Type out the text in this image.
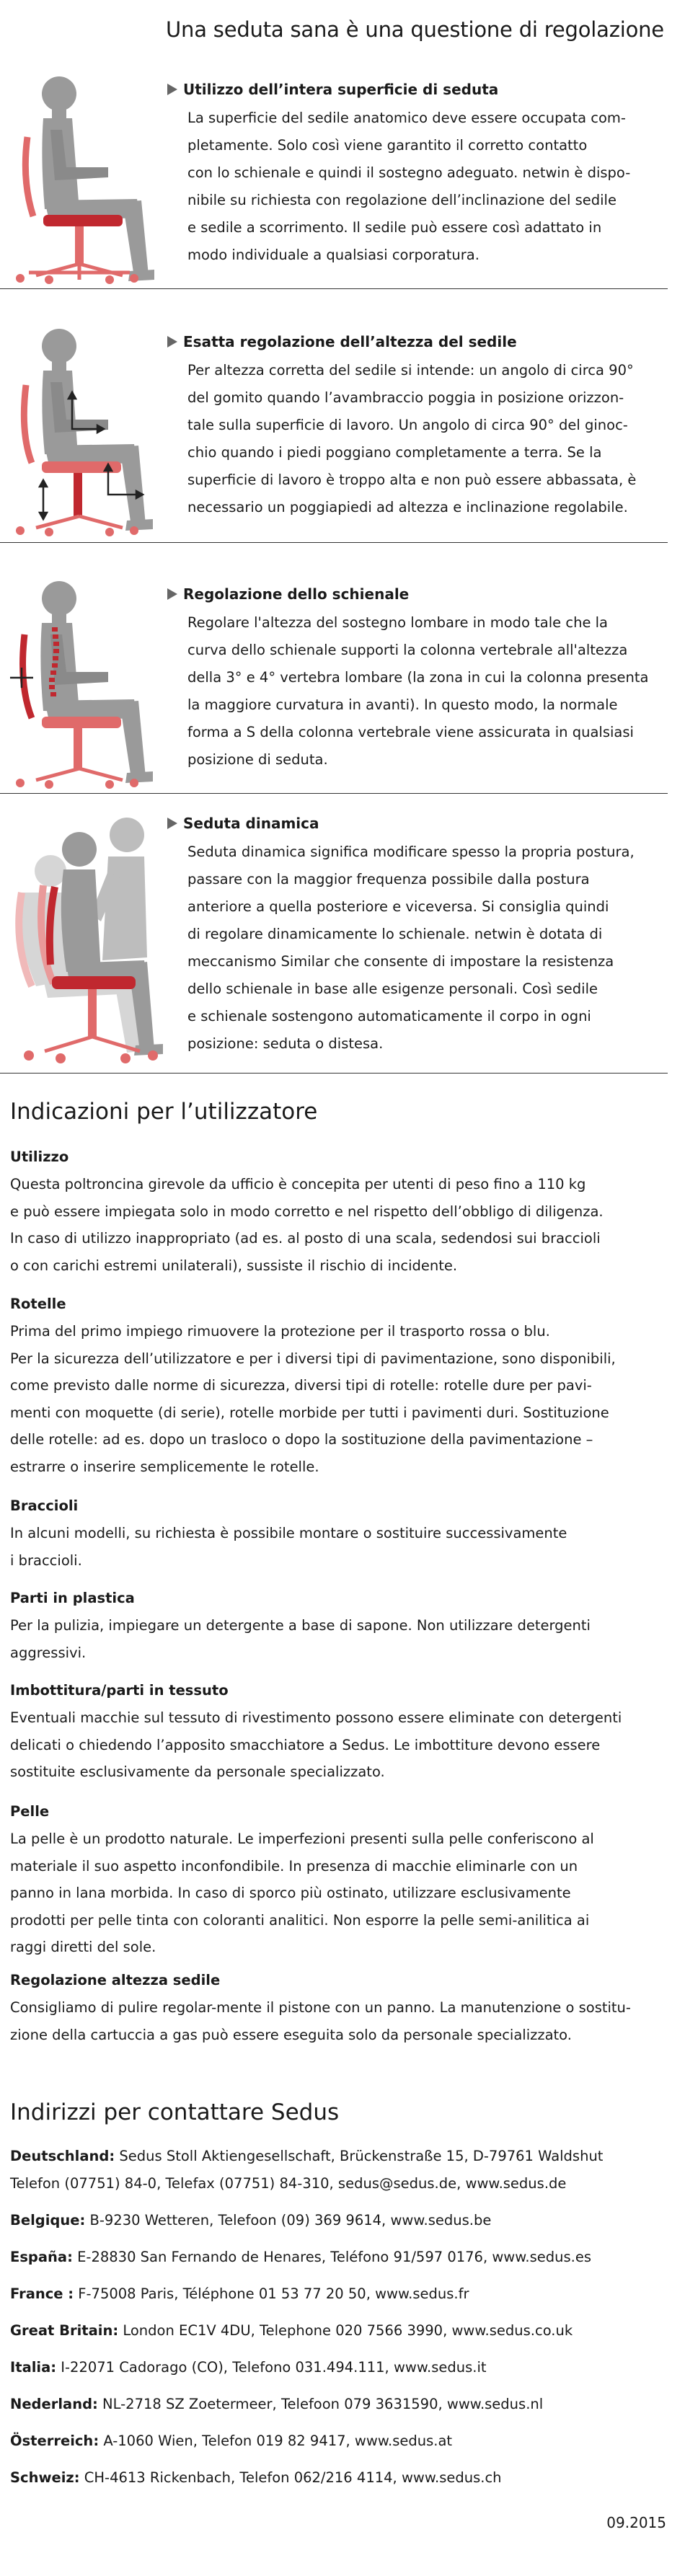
Una seduta sana è una questione di regolazione
Utilizzo dell’intera superficie di seduta
La superficie del sedile anatomico deve essere occupata com-
pletamente. Solo così viene garantito il corretto contatto
con lo schienale e quindi il sostegno adeguato. netwin è dispo-
nibile su richiesta con regolazione dell’inclinazione del sedile
e sedile a scorrimento. Il sedile può essere così adattato in
modo individuale a qualsiasi corporatura.
Esatta regolazione dell’altezza del sedile
Per altezza corretta del sedile si intende: un angolo di circa 90°
del gomito quando l’avambraccio poggia in posizione orizzon-
tale sulla superficie di lavoro. Un angolo di circa 90° del ginoc-
chio quando i piedi poggiano completamente a terra. Se la
superficie di lavoro è troppo alta e non può essere abbassata, è
necessario un poggiapiedi ad altezza e inclinazione regolabile.
Regolazione dello schienale
Regolare l'altezza del sostegno lombare in modo tale che la
curva dello schienale supporti la colonna vertebrale all'altezza
della 3° e 4° vertebra lombare (la zona in cui la colonna presenta
la maggiore curvatura in avanti). In questo modo, la normale
forma a S della colonna vertebrale viene assicurata in qualsiasi
posizione di seduta.
Seduta dinamica
Seduta dinamica significa modificare spesso la propria postura,
passare con la maggior frequenza possibile dalla postura
anteriore a quella posteriore e viceversa. Si consiglia quindi
di regolare dinamicamente lo schienale. netwin è dotata di
meccanismo Similar che consente di impostare la resistenza
dello schienale in base alle esigenze personali. Così sedile
e schienale sostengono automaticamente il corpo in ogni
posizione: seduta o distesa.
Indicazioni per l’utilizzatore
Utilizzo
Questa poltroncina girevole da ufficio è concepita per utenti di peso fino a 110 kg
e può essere impiegata solo in modo corretto e nel rispetto dell’obbligo di diligenza.
In caso di utilizzo inappropriato (ad es. al posto di una scala, sedendosi sui braccioli
o con carichi estremi unilaterali), sussiste il rischio di incidente.
Rotelle
Prima del primo impiego rimuovere la protezione per il trasporto rossa o blu.
Per la sicurezza dell’utilizzatore e per i diversi tipi di pavimentazione, sono disponibili,
come previsto dalle norme di sicurezza, diversi tipi di rotelle: rotelle dure per pavi-
menti con moquette (di serie), rotelle morbide per tutti i pavimenti duri. Sostituzione
delle rotelle: ad es. dopo un trasloco o dopo la sostituzione della pavimentazione –
estrarre o inserire semplicemente le rotelle.
Braccioli
In alcuni modelli, su richiesta è possibile montare o sostituire successivamente
i braccioli.
Parti in plastica
Per la pulizia, impiegare un detergente a base di sapone. Non utilizzare detergenti
aggressivi.
Imbottitura/parti in tessuto
Eventuali macchie sul tessuto di rivestimento possono essere eliminate con detergenti
delicati o chiedendo l’apposito smacchiatore a Sedus. Le imbottiture devono essere
sostituite esclusivamente da personale specializzato.
Pelle
La pelle è un prodotto naturale. Le imperfezioni presenti sulla pelle conferiscono al
materiale il suo aspetto inconfondibile. In presenza di macchie eliminarle con un
panno in lana morbida. In caso di sporco più ostinato, utilizzare esclusivamente
prodotti per pelle tinta con coloranti analitici. Non esporre la pelle semi-anilitica ai
raggi diretti del sole.
Regolazione altezza sedile
Consigliamo di pulire regolar-mente il pistone con un panno. La manutenzione o sostitu-
zione della cartuccia a gas può essere eseguita solo da personale specializzato.
Indirizzi per contattare Sedus
Deutschland: Sedus Stoll Aktiengesellschaft, Brückenstraße 15, D-79761 Waldshut
Telefon (07751) 84-0, Telefax (07751) 84-310, sedus@sedus.de, www.sedus.de
Belgique: B-9230 Wetteren, Telefoon (09) 369 9614, www.sedus.be
España: E-28830 San Fernando de Henares, Teléfono 91/597 0176, www.sedus.es
France : F-75008 Paris, Téléphone 01 53 77 20 50, www.sedus.fr
Great Britain: London EC1V 4DU, Telephone 020 7566 3990, www.sedus.co.uk
Italia: I-22071 Cadorago (CO), Telefono 031.494.111, www.sedus.it
Nederland: NL-2718 SZ Zoetermeer, Telefoon 079 3631590, www.sedus.nl
Österreich: A-1060 Wien, Telefon 019 82 9417, www.sedus.at
Schweiz: CH-4613 Rickenbach, Telefon 062/216 4114, www.sedus.ch
09.2015
